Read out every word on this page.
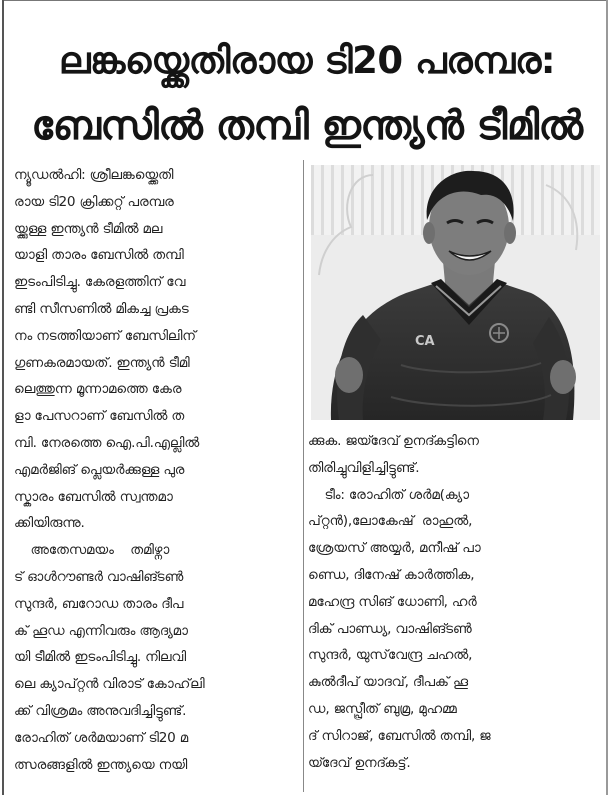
ലങ്കയ്ക്കെതിരായ ടി20 പരമ്പര:
ബേസിൽ തമ്പി ഇന്ത്യൻ ടീമിൽ
ന്യൂഡൽഹി: ശ്രീലങ്കയ്ക്കെതി
രായ ടി20 ക്രിക്കറ്റ് പരമ്പര
യ്ക്കുള്ള ഇന്ത്യൻ ടീമിൽ മല
യാളി താരം ബേസിൽ തമ്പി
ഇടംപിടിച്ചു. കേരളത്തിന് വേ
ണ്ടി സീസണിൽ മികച്ച പ്രകട
നം നടത്തിയാണ് ബേസിലിന്
ഗുണകരമായത്. ഇന്ത്യൻ ടീമി
ലെത്തുന്ന മൂന്നാമത്തെ കേര
ളാ പേസറാണ് ബേസിൽ ത
മ്പി. നേരത്തെ ഐ.പി.എല്ലിൽ
എമർജിങ് പ്ലെയർക്കുള്ള പുര
സ്കാരം ബേസിൽ സ്വന്തമാ
ക്കിയിരുന്നു.
അതേസമയം    തമിഴ്നാ
ട് ഓൾറൗണ്ടർ വാഷിങ്ടൺ
സുന്ദർ, ബറോഡ താരം ദീപ
ക് ഹൂഡ എന്നിവരും ആദ്യമാ
യി ടീമിൽ ഇടംപിടിച്ചു. നിലവി
ലെ ക്യാപ്റ്റൻ വിരാട് കോഹ്‌ലി
ക്ക് വിശ്രമം അനുവദിച്ചിട്ടുണ്ട്.
രോഹിത് ശർമയാണ് ടി20 മ
ത്സരങ്ങളിൽ ഇന്ത്യയെ നയി
CA
ക്കുക. ജയ്ദേവ് ഉനദ്കട്ടിനെ
തിരിച്ചുവിളിച്ചിട്ടുണ്ട്.
ടീം: രോഹിത് ശർമ(ക്യാ
പ്റ്റൻ),ലോകേഷ്  രാഹുൽ,
ശ്രേയസ് അയ്യർ, മനീഷ് പാ
ണ്ഡെ, ദിനേഷ് കാർത്തിക,
മഹേന്ദ്ര സിങ് ധോണി, ഹർ
ദിക് പാണ്ഡ്യ, വാഷിങ്ടൺ
സുന്ദർ, യുസ്‌വേന്ദ്ര ചഹൽ,
കുൽദീപ് യാദവ്, ദീപക് ഹൂ
ഡ, ജസ്പ്രീത് ബുമ്ര, മുഹമ്മ
ദ് സിറാജ്, ബേസിൽ തമ്പി, ജ
യ്ദേവ് ഉനദ്കട്ട്.
